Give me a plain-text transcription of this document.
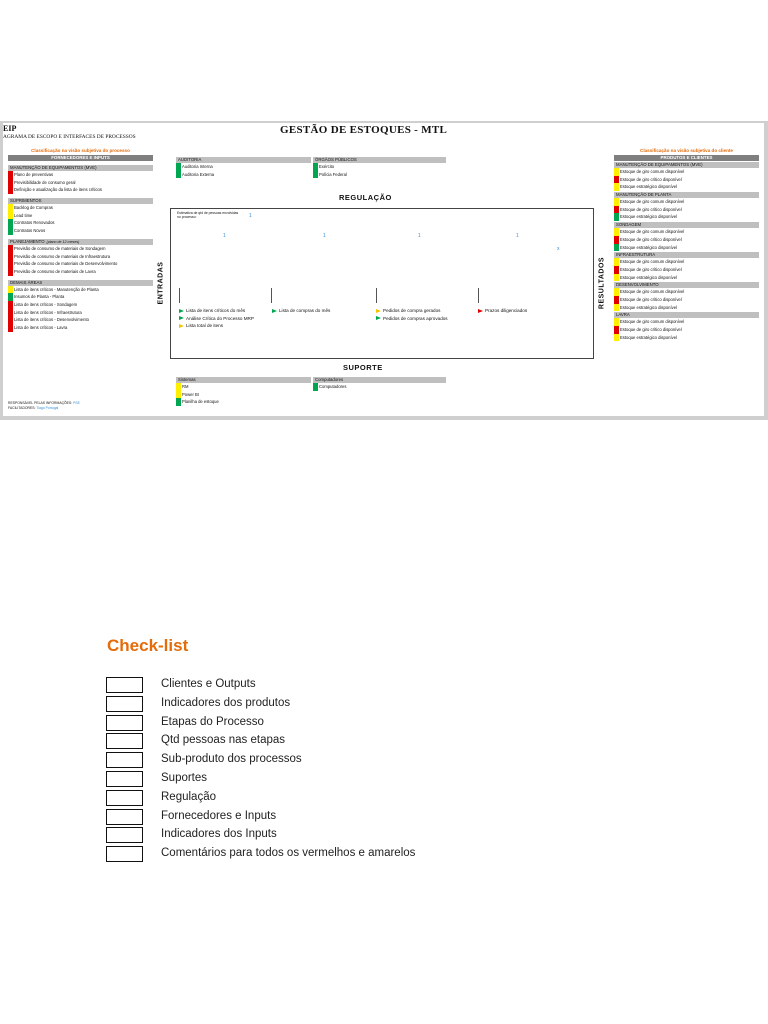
EIP
AGRAMA DE ESCOPO E INTERFACES DE PROCESSOS
GESTÃO DE ESTOQUES - MTL
Classificação na visão subjetiva do processo
FORNECEDORES E INPUTS
MANUTENÇÃO DE EQUIPAMENTOS (MVE)
Plano de preventivas
Previsibilidade de consumo geral
Definição e atualização da lista de itens críticos
SUPRIMENTOS
Backlog de Compras
Lead time
Contratos Renovados
Contratos Novos
PLANEJAMENTO (plano de 12 meses)
Previsão de consumo de materiais de Sondagem
Previsão de consumo de materiais de Infraestrutura
Previsão de consumo de materiais de Desenvolvimento
Previsão de consumo de materiais de Lavra
DEMAIS ÁREAS
Lista de itens críticos - Manutenção de Planta
Insumos de Planta - Planta
Lista de itens críticos - Sondagem
Lista de itens críticos - Infraestrutura
Lista de itens críticos - Desenvolvimento
Lista de itens críticos - Lavra
RESPONSÁVEL PELAS INFORMAÇÕES: PSE
FACILITADORES: Tiago Portugal
AUDITORIA
Auditoria Interna
Auditoria Externa
ÓRGÃOS PÚBLICOS
Exército
Polícia Federal
REGULAÇÃO
Estimativa de qtd de pessoas envolvidas no processo:	1
1	1	1	1
x
Lista de itens críticos do mês
Análise Crítica do Processo MRP
Lista total de itens
Lista de compras do mês	Pedidos de compra gerados
Pedidos de compras aprovados
Prazos diligenciados
ENTRADAS	RESULTADOS
SUPORTE
Sistemas
RM
Power BI
Planilha de estoque
Computadores
Computadores
Classificação na visão subjetiva do cliente
PRODUTOS E CLIENTES
MANUTENÇÃO DE EQUIPAMENTOS (MVE)
Estoque de giro comum disponível
Estoque de giro crítico disponível
Estoque estratégico disponível
MANUTENÇÃO DE PLANTA
Estoque de giro comum disponível
Estoque de giro crítico disponível
Estoque estratégico disponível
SONDAGEM
Estoque de giro comum disponível
Estoque de giro crítico disponível
Estoque estratégico disponível
INFRAESTRUTURA
Estoque de giro comum disponível
Estoque de giro crítico disponível
Estoque estratégico disponível
DESENVOLVIMENTO
Estoque de giro comum disponível
Estoque de giro crítico disponível
Estoque estratégico disponível
LAVRA
Estoque de giro comum disponível
Estoque de giro crítico disponível
Estoque estratégico disponível
Check-list
Clientes e Outputs
Indicadores dos produtos
Etapas do Processo
Qtd pessoas nas etapas
Sub-produto dos processos
Suportes
Regulação
Fornecedores e Inputs
Indicadores dos Inputs
Comentários para todos os vermelhos e amarelos
